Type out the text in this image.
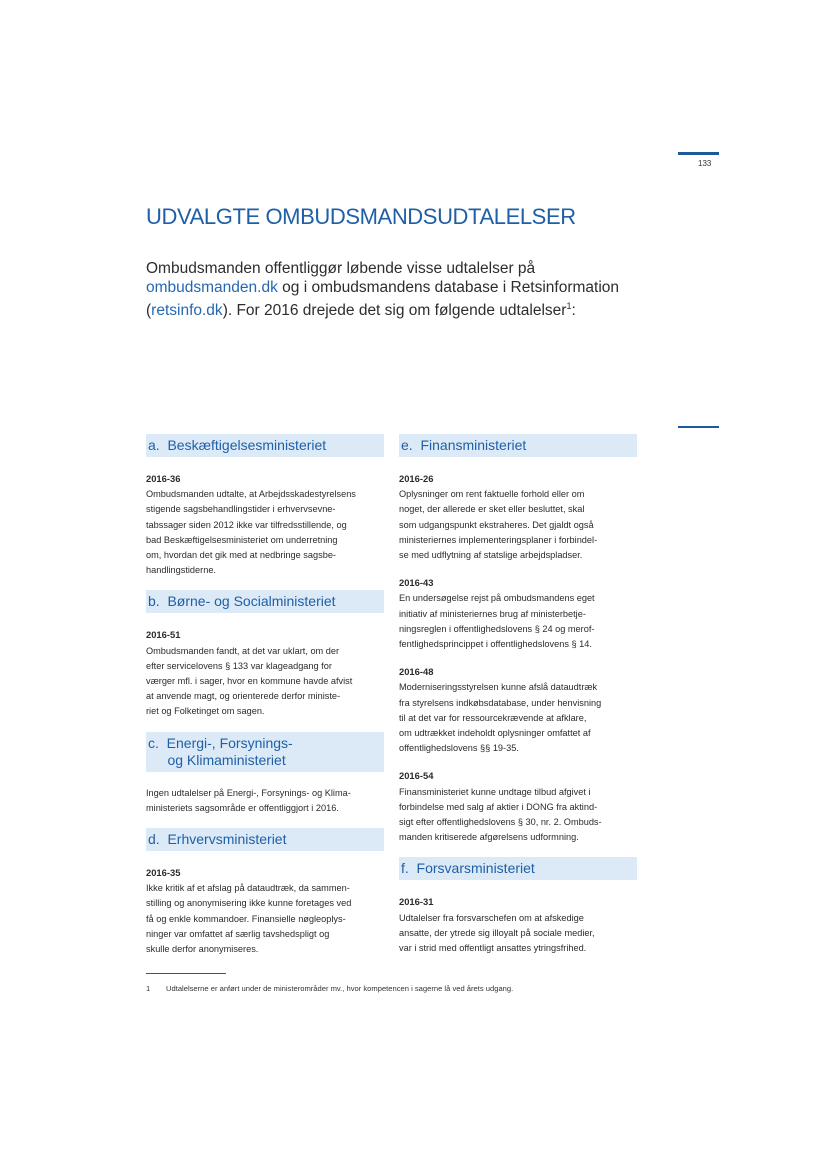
133
UDVALGTE OMBUDSMANDSUDTALELSER
Ombudsmanden offentliggør løbende visse udtalelser på ombudsmanden.dk og i ombudsmandens database i Retsinformation (retsinfo.dk). For 2016 drejede det sig om følgende udtalelser$^1$:
a.  Beskæftigelsesministeriet
2016-36
Ombudsmanden udtalte, at Arbejdsskadestyrelsens
stigende sagsbehandlingstider i erhvervsevne-
tabssager siden 2012 ikke var tilfredsstillende, og
bad Beskæftigelsesministeriet om underretning
om, hvordan det gik med at nedbringe sagsbe-
handlingstiderne.
b.  Børne- og Socialministeriet
2016-51
Ombudsmanden fandt, at det var uklart, om der
efter servicelovens § 133 var klageadgang for
værger mfl. i sager, hvor en kommune havde afvist
at anvende magt, og orienterede derfor ministe-
riet og Folketinget om sagen.
c.  Energi-, Forsynings-
og Klimaministeriet
Ingen udtalelser på Energi-, Forsynings- og Klima-
ministeriets sagsområde er offentliggjort i 2016.
d.  Erhvervsministeriet
2016-35
Ikke kritik af et afslag på dataudtræk, da sammen-
stilling og anonymisering ikke kunne foretages ved
få og enkle kommandoer. Finansielle nøgleoplys-
ninger var omfattet af særlig tavshedspligt og
skulle derfor anonymiseres.
e.  Finansministeriet
2016-26
Oplysninger om rent faktuelle forhold eller om
noget, der allerede er sket eller besluttet, skal
som udgangspunkt ekstraheres. Det gjaldt også
ministeriernes implementeringsplaner i forbindel-
se med udflytning af statslige arbejdspladser.
2016-43
En undersøgelse rejst på ombudsmandens eget
initiativ af ministeriernes brug af ministerbetje-
ningsreglen i offentlighedslovens § 24 og merof-
fentlighedsprincippet i offentlighedslovens § 14.
2016-48
Moderniseringsstyrelsen kunne afslå dataudtræk
fra styrelsens indkøbsdatabase, under henvisning
til at det var for ressourcekrævende at afklare,
om udtrækket indeholdt oplysninger omfattet af
offentlighedslovens §§ 19-35.
2016-54
Finansministeriet kunne undtage tilbud afgivet i
forbindelse med salg af aktier i DONG fra aktind-
sigt efter offentlighedslovens § 30, nr. 2. Ombuds-
manden kritiserede afgørelsens udformning.
f.  Forsvarsministeriet
2016-31
Udtalelser fra forsvarschefen om at afskedige
ansatte, der ytrede sig illoyalt på sociale medier,
var i strid med offentligt ansattes ytringsfrihed.
1 Udtalelserne er anført under de ministerområder mv., hvor kompetencen i sagerne lå ved årets udgang.
